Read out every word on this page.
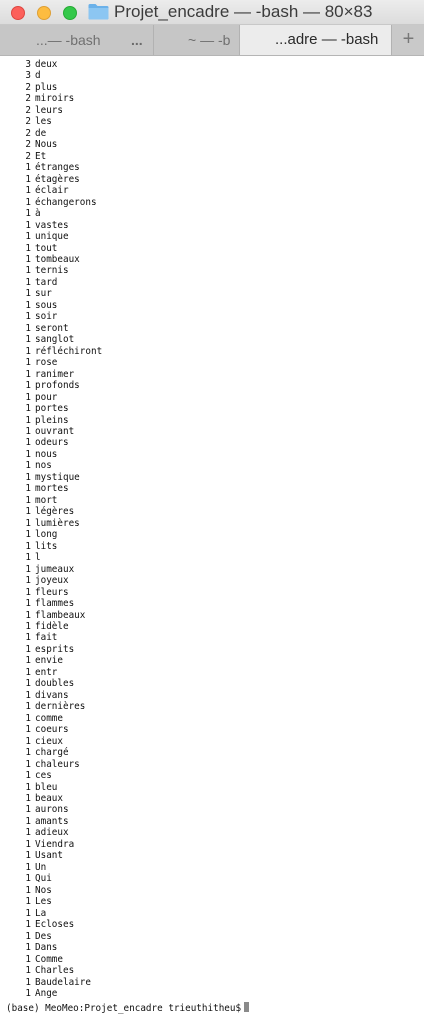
Projet_encadre — -bash — 80×83
...— -bash ...	~ — -b	...adre — -bash	+
3 deux
3 d
2 plus
2 miroirs
2 leurs
2 les
2 de
2 Nous
2 Et
1 étranges
1 étagères
1 éclair
1 échangerons
1 à
1 vastes
1 unique
1 tout
1 tombeaux
1 ternis
1 tard
1 sur
1 sous
1 soir
1 seront
1 sanglot
1 réfléchiront
1 rose
1 ranimer
1 profonds
1 pour
1 portes
1 pleins
1 ouvrant
1 odeurs
1 nous
1 nos
1 mystique
1 mortes
1 mort
1 légères
1 lumières
1 long
1 lits
1 l
1 jumeaux
1 joyeux
1 fleurs
1 flammes
1 flambeaux
1 fidèle
1 fait
1 esprits
1 envie
1 entr
1 doubles
1 divans
1 dernières
1 comme
1 coeurs
1 cieux
1 chargé
1 chaleurs
1 ces
1 bleu
1 beaux
1 aurons
1 amants
1 adieux
1 Viendra
1 Usant
1 Un
1 Qui
1 Nos
1 Les
1 La
1 Ecloses
1 Des
1 Dans
1 Comme
1 Charles
1 Baudelaire
1 Ange
(base) MeoMeo:Projet_encadre trieuthitheu$
